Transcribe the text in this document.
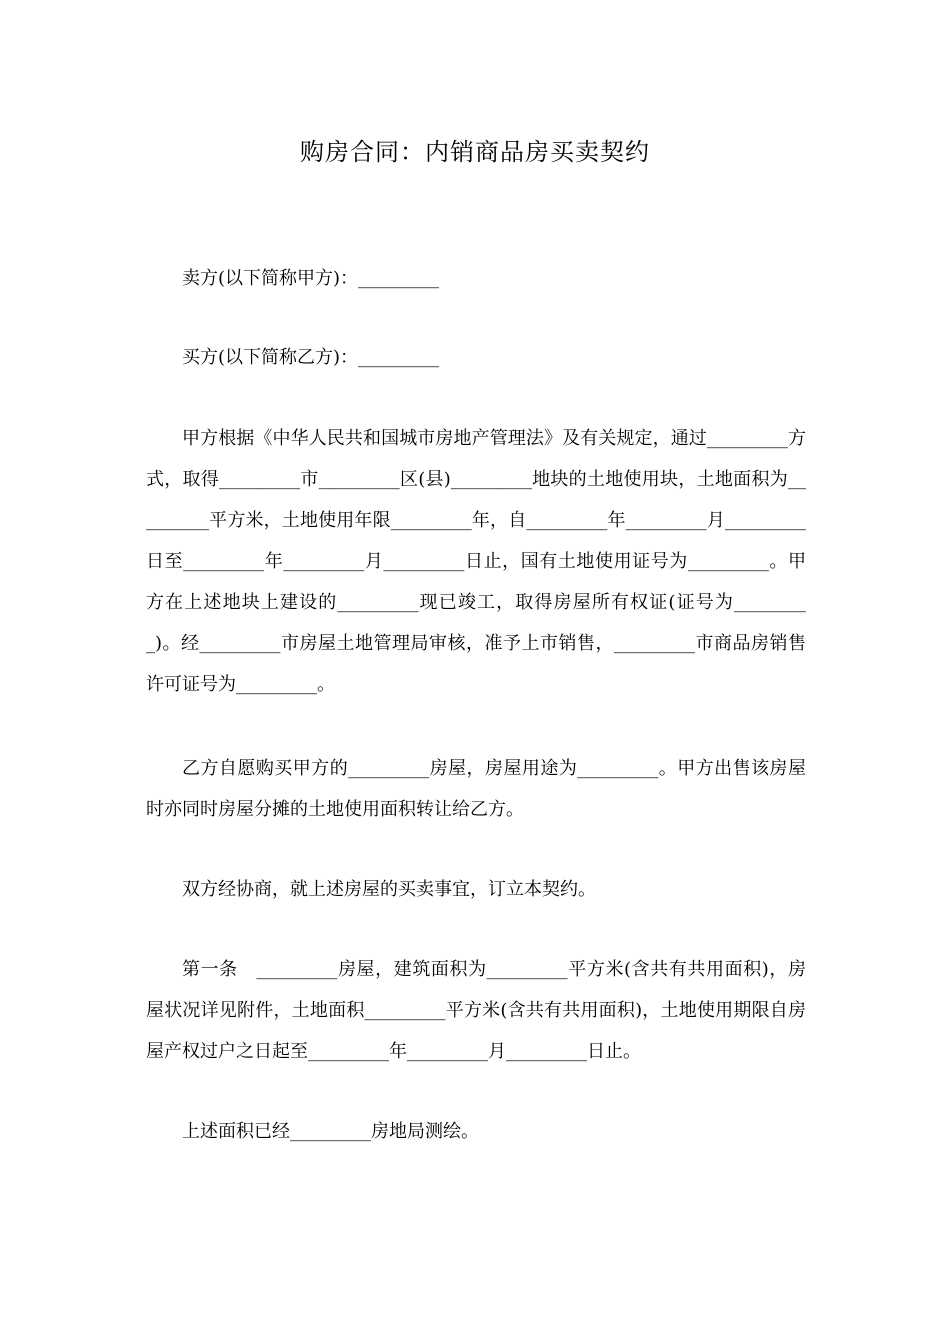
购房合同：内销商品房买卖契约

卖方(以下简称甲方)：_________

买方(以下简称乙方)：_________

甲方根据《中华人民共和国城市房地产管理法》及有关规定，通过_________方式，取得_________市_________区(县)_________地块的土地使用块，土地面积为_________平方米，土地使用年限_________年，自_________年_________月_________日至_________年_________月_________日止，国有土地使用证号为_________。甲方在上述地块上建设的_________现已竣工，取得房屋所有权证(证号为_________)。经_________市房屋土地管理局审核，准予上市销售，_________市商品房销售许可证号为_________。

乙方自愿购买甲方的_________房屋，房屋用途为_________。甲方出售该房屋时亦同时房屋分摊的土地使用面积转让给乙方。

双方经协商，就上述房屋的买卖事宜，订立本契约。

第一条　_________房屋，建筑面积为_________平方米(含共有共用面积)，房屋状况详见附件，土地面积_________平方米(含共有共用面积)，土地使用期限自房屋产权过户之日起至_________年_________月_________日止。

上述面积已经_________房地局测绘。
